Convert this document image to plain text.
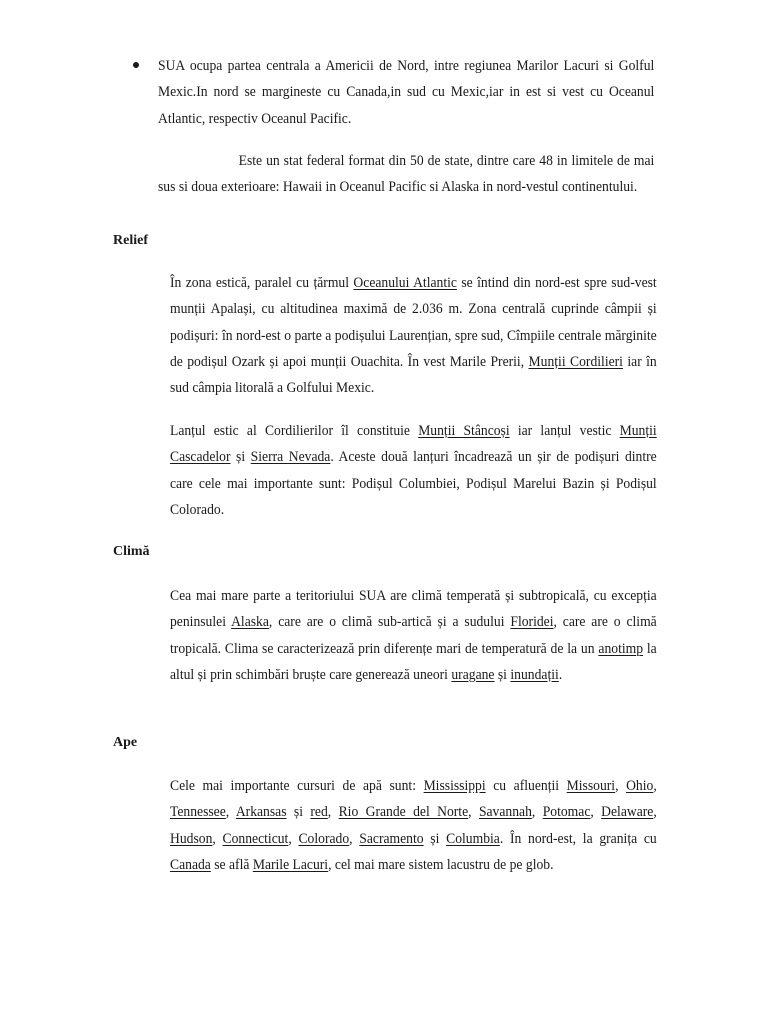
SUA ocupa partea centrala a Americii de Nord, intre regiunea Marilor Lacuri si Golful Mexic.In nord se margineste cu Canada,in sud cu Mexic,iar in est si vest cu Oceanul Atlantic, respectiv Oceanul Pacific.

Este un stat federal format din 50 de state, dintre care 48 in limitele de mai sus si doua exterioare: Hawaii in Oceanul Pacific si Alaska in nord-vestul continentului.

Relief

În zona estică, paralel cu țărmul Oceanului Atlantic se întind din nord-est spre sud-vest munții Apalași, cu altitudinea maximă de 2.036 m. Zona centrală cuprinde câmpii și podișuri: în nord-est o parte a podișului Laurențian, spre sud, Cîmpiile centrale mărginite de podișul Ozark și apoi munții Ouachita. În vest Marile Prerii, Munții Cordilieri iar în sud câmpia litorală a Golfului Mexic.

Lanțul estic al Cordilierilor îl constituie Munții Stâncoși iar lanțul vestic Munții Cascadelor și Sierra Nevada. Aceste două lanțuri încadrează un șir de podișuri dintre care cele mai importante sunt: Podișul Columbiei, Podișul Marelui Bazin și Podișul Colorado.

Climă

Cea mai mare parte a teritoriului SUA are climă temperată și subtropicală, cu excepția peninsulei Alaska, care are o climă sub-artică și a sudului Floridei, care are o climă tropicală. Clima se caracterizează prin diferențe mari de temperatură de la un anotimp la altul și prin schimbări bruște care generează uneori uragane și inundații.

Ape

Cele mai importante cursuri de apă sunt: Mississippi cu afluenții Missouri, Ohio, Tennessee, Arkansas și red, Rio Grande del Norte, Savannah, Potomac, Delaware, Hudson, Connecticut, Colorado, Sacramento și Columbia. În nord-est, la granița cu Canada se află Marile Lacuri, cel mai mare sistem lacustru de pe glob.
